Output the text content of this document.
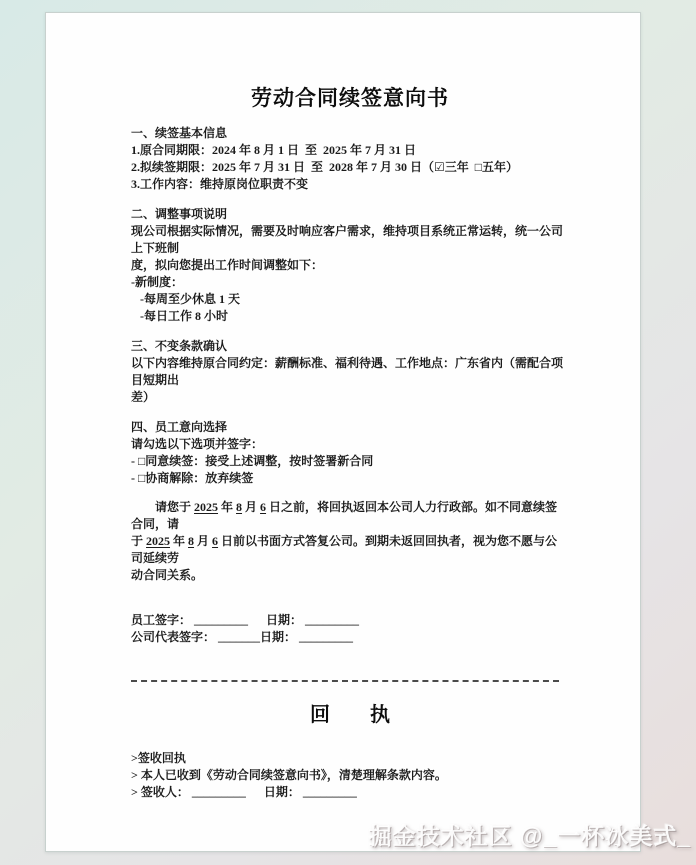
劳动合同续签意向书
一、续签基本信息
1.原合同期限：2024 年 8 月 1 日  至  2025 年 7 月 31 日
2.拟续签期限：2025 年 7 月 31 日  至  2028 年 7 月 30 日（☑三年  □五年）
3.工作内容：维持原岗位职责不变
二、调整事项说明
现公司根据实际情况，需要及时响应客户需求，维持项目系统正常运转，统一公司上下班制
度，拟向您提出工作时间调整如下：
-新制度：
-每周至少休息 1 天
-每日工作 8 小时
三、不变条款确认
以下内容维持原合同约定：薪酬标准、福利待遇、工作地点：广东省内（需配合项目短期出
差）
四、员工意向选择
请勾选以下选项并签字：
- □同意续签：接受上述调整，按时签署新合同
- □协商解除：放弃续签
　　请您于 2025 年 8 月 6 日之前，将回执返回本公司人力行政部。如不同意续签合同，请
于 2025 年 8 月 6 日前以书面方式答复公司。到期未返回回执者，视为您不愿与公司延续劳
动合同关系。
员工签字： _________ 　 日期： _________
公司代表签字： _______日期： _________
回　　执
>签收回执
> 本人已收到《劳动合同续签意向书》，清楚理解条款内容。
> 签收人： _________ 　 日期： _________
掘金技术社区 @_一杯冰美式_
